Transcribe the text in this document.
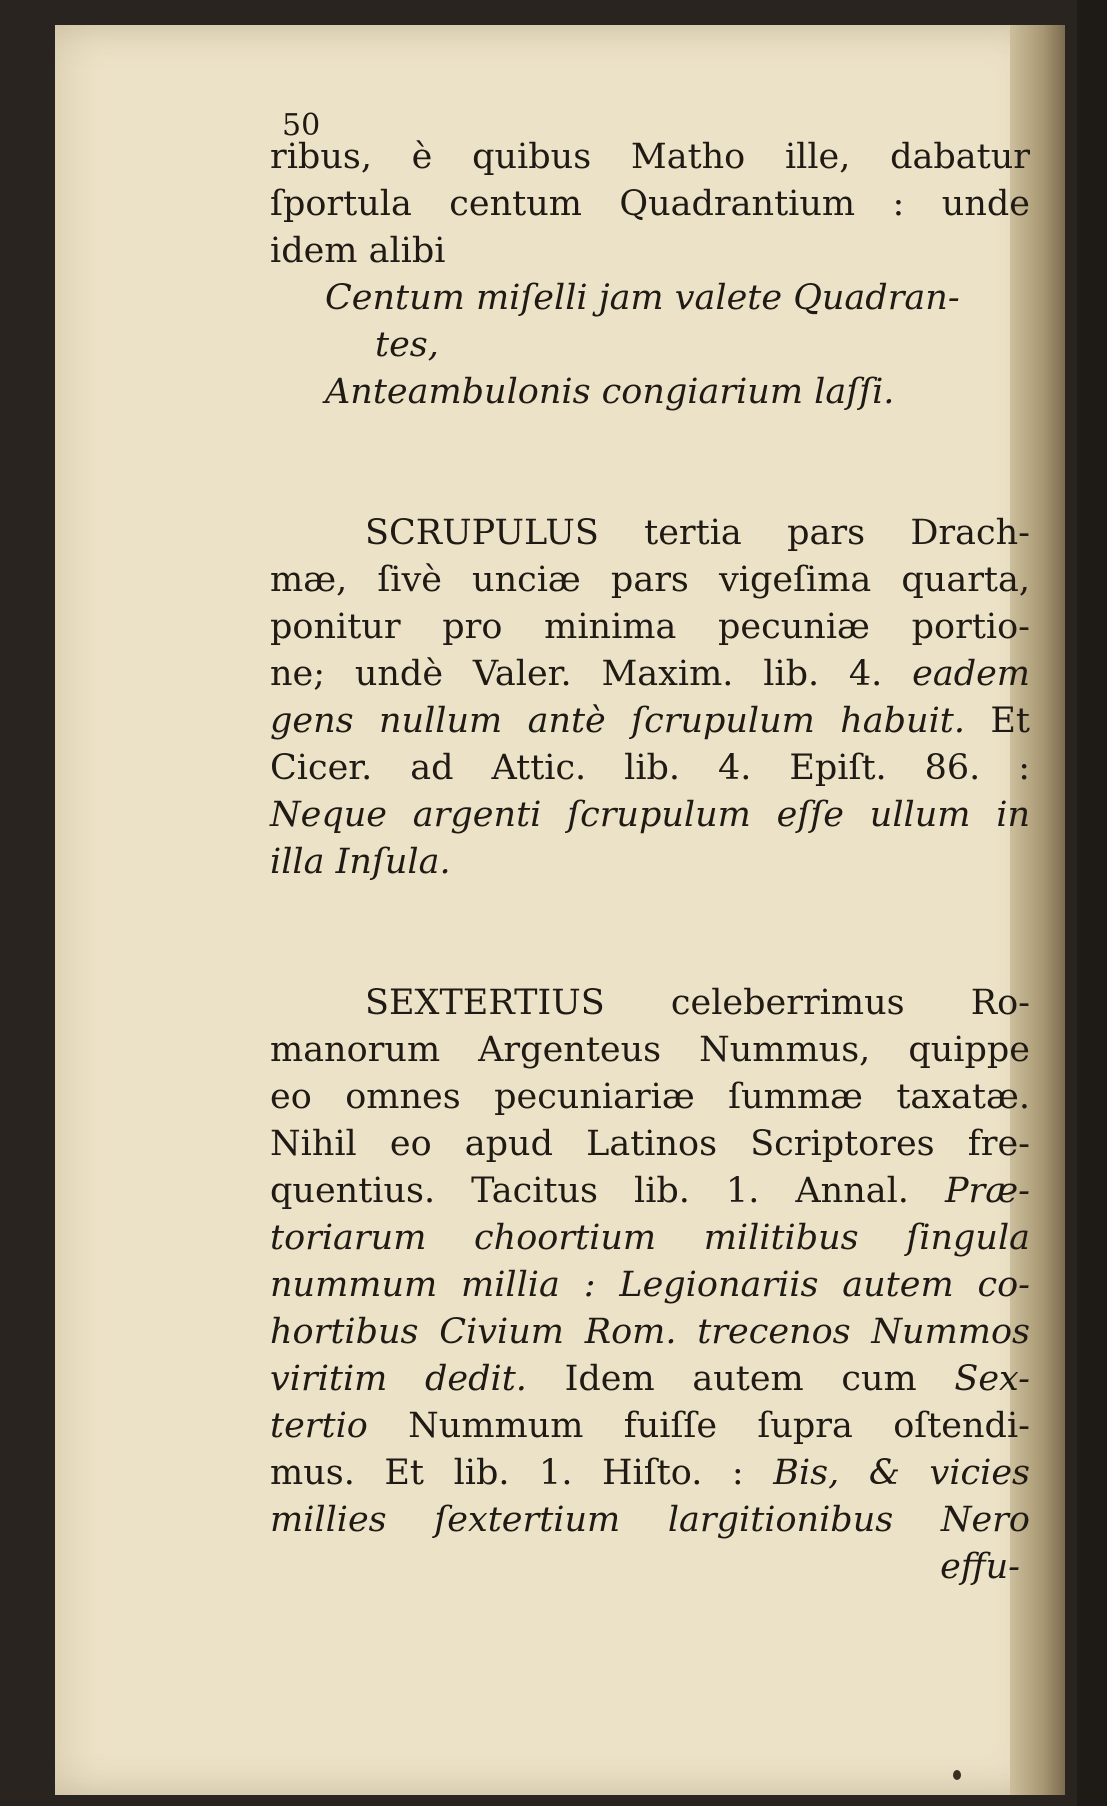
50
ribus, è quibus Matho ille, dabatur
ſportula centum Quadrantium : unde
idem alibi
Centum miſelli jam valete Quadran-
tes,
Anteambulonis congiarium laſſi.
SCRUPULUS tertia pars Drach-
mæ, ſivè unciæ pars vigeſima quarta,
ponitur pro minima pecuniæ portio-
ne; undè Valer. Maxim. lib. 4. eadem
gens nullum antè ſcrupulum habuit. Et
Cicer. ad Attic. lib. 4. Epiſt. 86. :
Neque argenti ſcrupulum eſſe ullum in
illa Inſula.
SEXTERTIUS celeberrimus Ro-
manorum Argenteus Nummus, quippe
eo omnes pecuniariæ ſummæ taxatæ.
Nihil eo apud Latinos Scriptores fre-
quentius. Tacitus lib. 1. Annal. Præ-
toriarum choortium militibus ſingula
nummum millia : Legionariis autem co-
hortibus Civium Rom. trecenos Nummos
viritim dedit. Idem autem cum Sex-
tertio Nummum fuiſſe ſupra oſtendi-
mus. Et lib. 1. Hiſto. : Bis, & vicies
millies ſextertium largitionibus Nero
effu-
